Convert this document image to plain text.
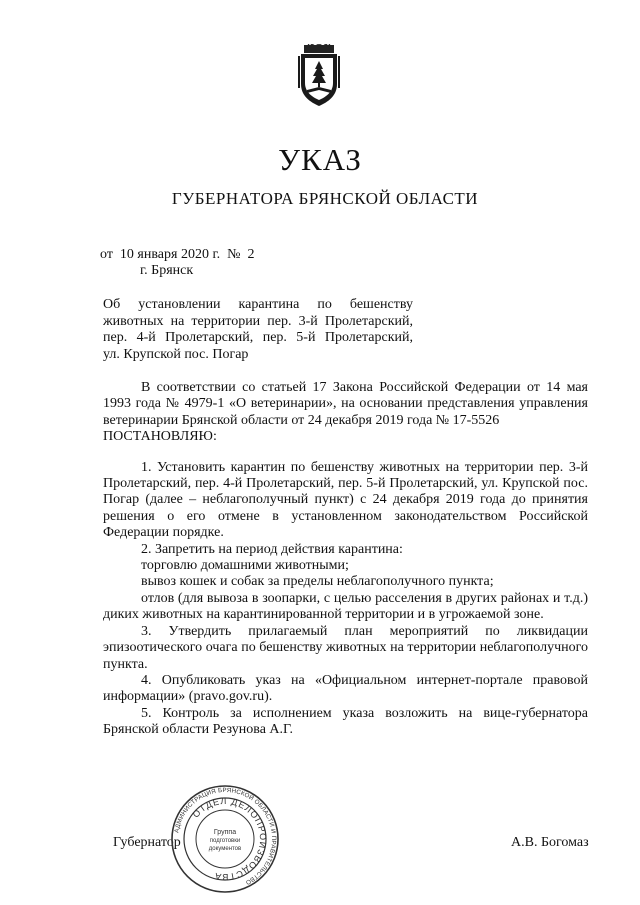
УКАЗ
ГУБЕРНАТОРА БРЯНСКОЙ ОБЛАСТИ
от  10 января 2020 г.  №  2
г. Брянск
Об установлении карантина по бешенству
животных на территории пер. 3-й Пролетарский,
пер. 4-й Пролетарский, пер. 5-й Пролетарский,
ул. Крупской пос. Погар

В соответствии со статьей 17 Закона Российской Федерации от 14 мая 1993 года № 4979-1 «О ветеринарии», на основании представления управления ветеринарии Брянской области от 24 декабря 2019 года № 17-5526

ПОСТАНОВЛЯЮ:

1. Установить карантин по бешенству животных на территории пер. 3-й Пролетарский, пер. 4-й Пролетарский, пер. 5-й Пролетарский, ул. Крупской пос. Погар (далее – неблагополучный пункт) с 24 декабря 2019 года до принятия решения о его отмене в установленном законодательством Российской Федерации порядке.

2. Запретить на период действия карантина:

торговлю домашними животными;

вывоз кошек и собак за пределы неблагополучного пункта;

отлов (для вывоза в зоопарки, с целью расселения в других районах и т.д.) диких животных на карантинированной территории и в угрожаемой зоне.

3. Утвердить прилагаемый план мероприятий по ликвидации эпизоотического очага по бешенству животных на территории неблагополучного пункта.

4. Опубликовать указ на «Официальном интернет-портале правовой информации» (pravo.gov.ru).

5. Контроль за исполнением указа возложить на вице-губернатора Брянской области Резунова А.Г.

Губернатор	А.В. Богомаз
АДМИНИСТРАЦИЯ БРЯНСКОЙ ОБЛАСТИ И ПРАВИТЕЛЬСТВО
ОТДЕЛ ДЕЛОПРОИЗВОДСТВА
Группа
подготовки
документов
